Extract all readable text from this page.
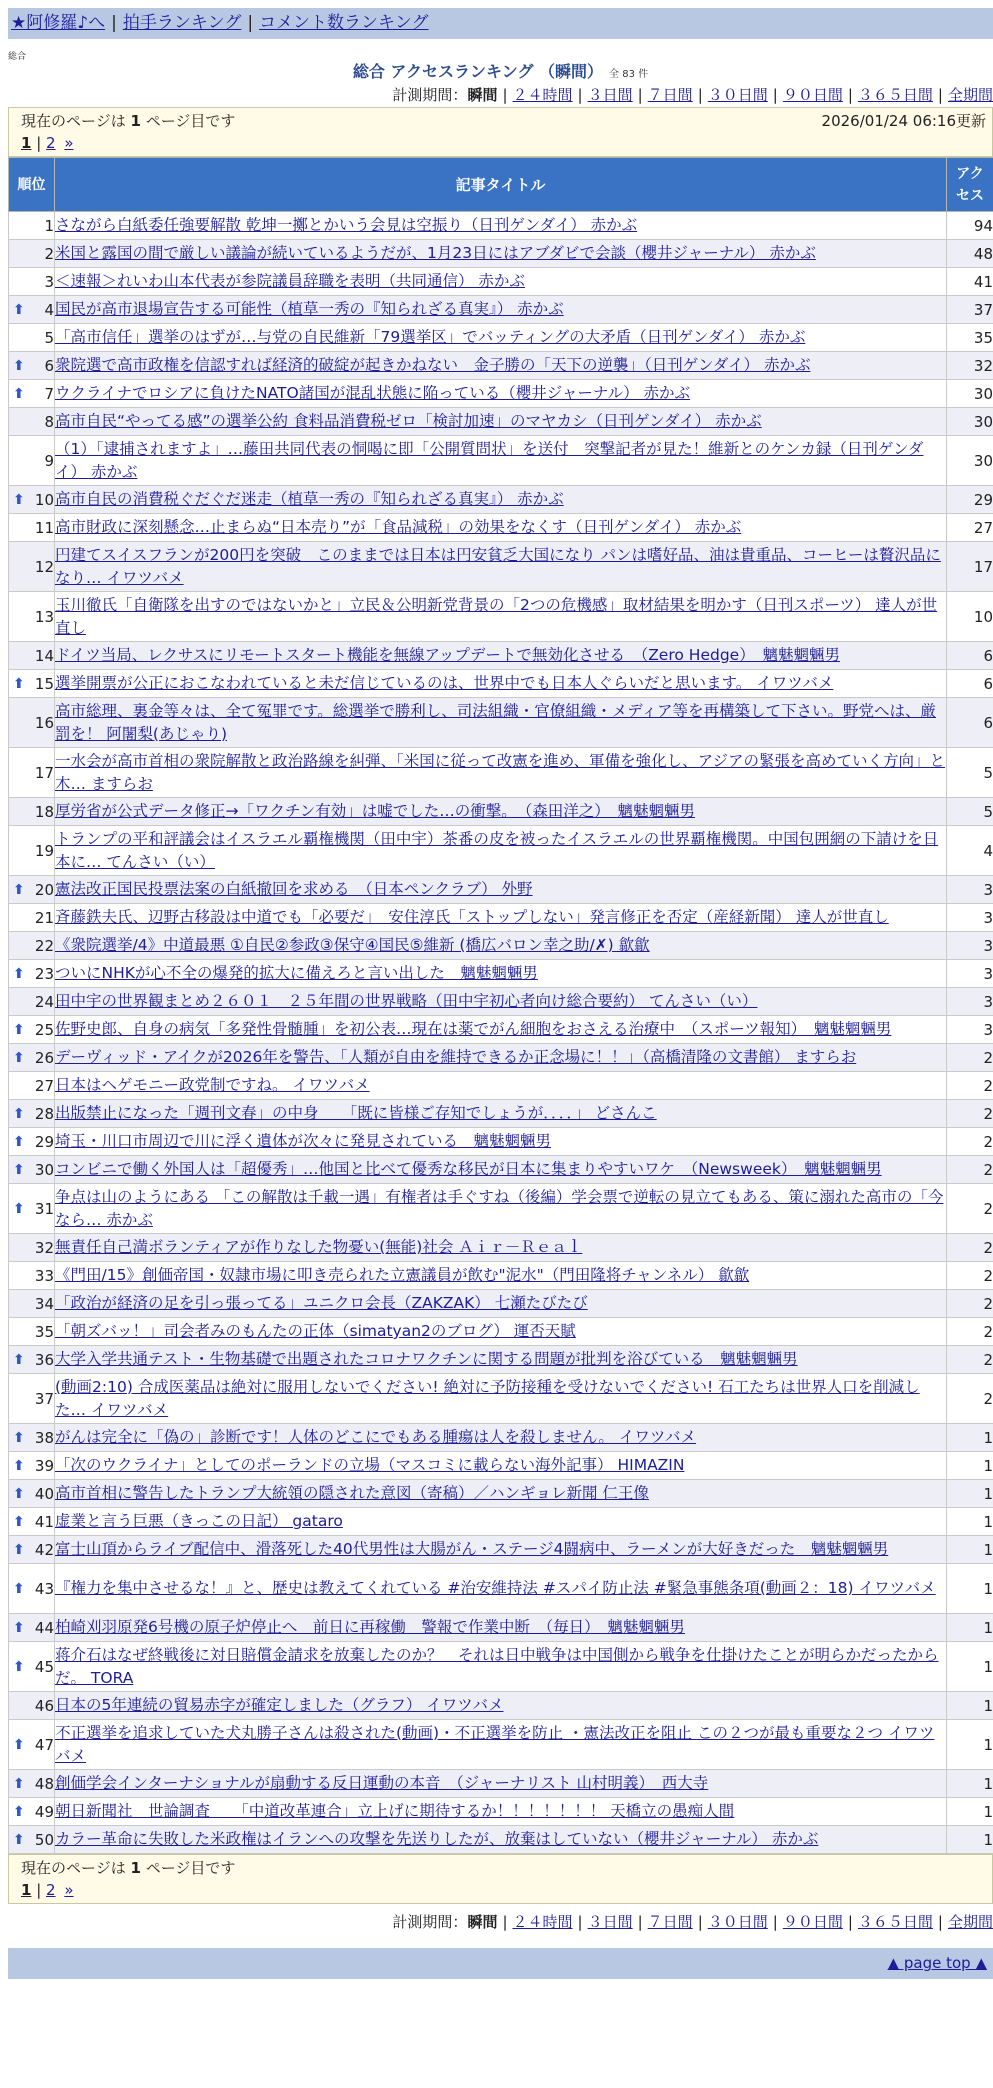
★阿修羅♪へ | 拍手ランキング | コメント数ランキング
総合
総合 アクセスランキング （瞬間） 全 83 件
計測期間：瞬間 | ２４時間 | ３日間 | ７日間 | ３０日間 | ９０日間 | ３６５日間 | 全期間
現在のページは 1 ページ目です	2026/01/24 06:16更新
1 | 2 »
順位	記事タイトル	アクセス
1	さながら白紙委任強要解散 乾坤一擲とかいう会見は空振り（日刊ゲンダイ） 赤かぶ	94
2	米国と露国の間で厳しい議論が続いているようだが、1月23日にはアブダビで会談（櫻井ジャーナル） 赤かぶ	48
3	＜速報＞れいわ山本代表が参院議員辞職を表明（共同通信） 赤かぶ	41

⬆ 4	国民が高市退場宣告する可能性（植草一秀の『知られざる真実』） 赤かぶ	37
5	「高市信任」選挙のはずが…与党の自民維新「79選挙区」でバッティングの大矛盾（日刊ゲンダイ） 赤かぶ	35

⬆ 6	衆院選で高市政権を信認すれば経済的破綻が起きかねない　金子勝の「天下の逆襲」（日刊ゲンダイ） 赤かぶ	32

⬆ 7	ウクライナでロシアに負けたNATO諸国が混乱状態に陥っている（櫻井ジャーナル） 赤かぶ	30
8	高市自民“やってる感”の選挙公約 食料品消費税ゼロ「検討加速」のマヤカシ（日刊ゲンダイ） 赤かぶ	30
9	（1）「逮捕されますよ」…藤田共同代表の恫喝に即「公開質問状」を送付　突撃記者が見た！維新とのケンカ録（日刊ゲンダイ） 赤かぶ	30

⬆ 10	高市自民の消費税ぐだぐだ迷走（植草一秀の『知られざる真実』） 赤かぶ	29
11	高市財政に深刻懸念…止まらぬ“日本売り”が「食品減税」の効果をなくす（日刊ゲンダイ） 赤かぶ	27
12	円建てスイスフランが200円を突破　このままでは日本は円安貧乏大国になり パンは嗜好品、油は貴重品、コーヒーは贅沢品になり… イワツバメ	17
13	玉川徹氏「自衛隊を出すのではないかと」立民＆公明新党背景の「2つの危機感」取材結果を明かす（日刊スポーツ） 達人が世直し	10
14	ドイツ当局、レクサスにリモートスタート機能を無線アップデートで無効化させる　（Zero Hedge）　魑魅魍魎男	6

⬆ 15	選挙開票が公正におこなわれていると未だ信じているのは、世界中でも日本人ぐらいだと思います。 イワツバメ	6
16	高市総理、裏金等々は、全て冤罪です。総選挙で勝利し、司法組織・官僚組織・メディア等を再構築して下さい。野党へは、厳罰を！ 阿闍梨(あじゃり)	6
17	一水会が高市首相の衆院解散と政治路線を糾弾、「米国に従って改憲を進め、軍備を強化し、アジアの緊張を高めていく方向」と木… ますらお	5
18	厚労省が公式データ修正→「ワクチン有効」は嘘でした…の衝撃。　（森田洋之）　魑魅魍魎男	5
19	トランプの平和評議会はイスラエル覇権機関（田中宇）茶番の皮を被ったイスラエルの世界覇権機関。中国包囲網の下請けを日本に… てんさい（い）	4

⬆ 20	憲法改正国民投票法案の白紙撤回を求める　（日本ペンクラブ） 外野	3
21	斉藤鉄夫氏、辺野古移設は中道でも「必要だ」　安住淳氏「ストップしない」発言修正を否定（産経新聞） 達人が世直し	3
22	《衆院選挙/4》中道最悪 ①自民②参政③保守④国民⑤維新 (橋広バロン幸之助/✗) 歙歙	3

⬆ 23	ついにNHKが心不全の爆発的拡大に備えろと言い出した　魑魅魍魎男	3
24	田中宇の世界観まとめ２６０１　２５年間の世界戦略（田中宇初心者向け総合要約） てんさい（い）	3

⬆ 25	佐野史郎、自身の病気「多発性骨髄腫」を初公表…現在は薬でがん細胞をおさえる治療中　（スポーツ報知）　魑魅魍魎男	3

⬆ 26	デーヴィッド・アイクが2026年を警告、「人類が自由を維持できるか正念場に！！」（高橋清隆の文書館） ますらお	2
27	日本はヘゲモニー政党制ですね。 イワツバメ	2

⬆ 28	出版禁止になった「週刊文春」の中身　　「既に皆様ご存知でしょうが．．．．」 どさんこ	2

⬆ 29	埼玉・川口市周辺で川に浮く遺体が次々に発見されている　魑魅魍魎男	2

⬆ 30	コンビニで働く外国人は「超優秀」…他国と比べて優秀な移民が日本に集まりやすいワケ　（Newsweek）　魑魅魍魎男	2

⬆ 31	争点は山のようにある 「この解散は千載一遇」有権者は手ぐすね（後編）学会票で逆転の見立てもある、策に溺れた高市の「今なら… 赤かぶ	2
32	無責任自己満ボランティアが作りなした物憂い(無能)社会 Ａｉｒ－Ｒｅａｌ	2
33	《門田/15》創価帝国・奴隷市場に叩き売られた立憲議員が飲む"泥水"（門田隆将チャンネル） 歙歙	2
34	「政治が経済の足を引っ張ってる」ユニクロ会長（ZAKZAK） 七瀬たびたび	2
35	「朝ズバッ！」司会者みのもんたの正体（simatyan2のブログ） 運否天賦	2

⬆ 36	大学入学共通テスト・生物基礎で出題されたコロナワクチンに関する問題が批判を浴びている　魑魅魍魎男	2
37	(動画2:10) 合成医薬品は絶対に服用しないでください! 絶対に予防接種を受けないでください! 石工たちは世界人口を削減した… イワツバメ	2

⬆ 38	がんは完全に「偽の」診断です！人体のどこにでもある腫瘍は人を殺しません。 イワツバメ	1

⬆ 39	「次のウクライナ」としてのポーランドの立場（マスコミに載らない海外記事） HIMAZIN	1

⬆ 40	高市首相に警告したトランプ大統領の隠された意図（寄稿）／ハンギョレ新聞 仁王像	1

⬆ 41	虚業と言う巨悪（きっこの日記） gataro	1

⬆ 42	富士山頂からライブ配信中、滑落死した40代男性は大腸がん・ステージ4闘病中、ラーメンが大好きだった　魑魅魍魎男	1

⬆ 43	『権力を集中させるな！』と、歴史は教えてくれている #治安維持法 #スパイ防止法 #緊急事態条項(動画２：18) イワツバメ	1

⬆ 44	柏崎刈羽原発6号機の原子炉停止へ　前日に再稼働　警報で作業中断　（毎日）　魑魅魍魎男	1

⬆ 45	蒋介石はなぜ終戦後に対日賠償金請求を放棄したのか？　それは日中戦争は中国側から戦争を仕掛けたことが明らかだったからだ。 TORA	1
46	日本の5年連続の貿易赤字が確定しました（グラフ） イワツバメ	1

⬆ 47	不正選挙を追求していた犬丸勝子さんは殺された(動画)・不正選挙を防止 ・憲法改正を阻止 この２つが最も重要な２つ イワツバメ	1

⬆ 48	創価学会インターナショナルが扇動する反日運動の本音　（ジャーナリスト 山村明義）　西大寺	1

⬆ 49	朝日新聞社　世論調査　　「中道改革連合」立上げに期待するか！！！！！！！ 天橋立の愚痴人間	1

⬆ 50	カラー革命に失敗した米政権はイランへの攻撃を先送りしたが、放棄はしていない（櫻井ジャーナル） 赤かぶ	1
現在のページは 1 ページ目です
1 | 2 »
計測期間：瞬間 | ２４時間 | ３日間 | ７日間 | ３０日間 | ９０日間 | ３６５日間 | 全期間
▲ page top ▲
